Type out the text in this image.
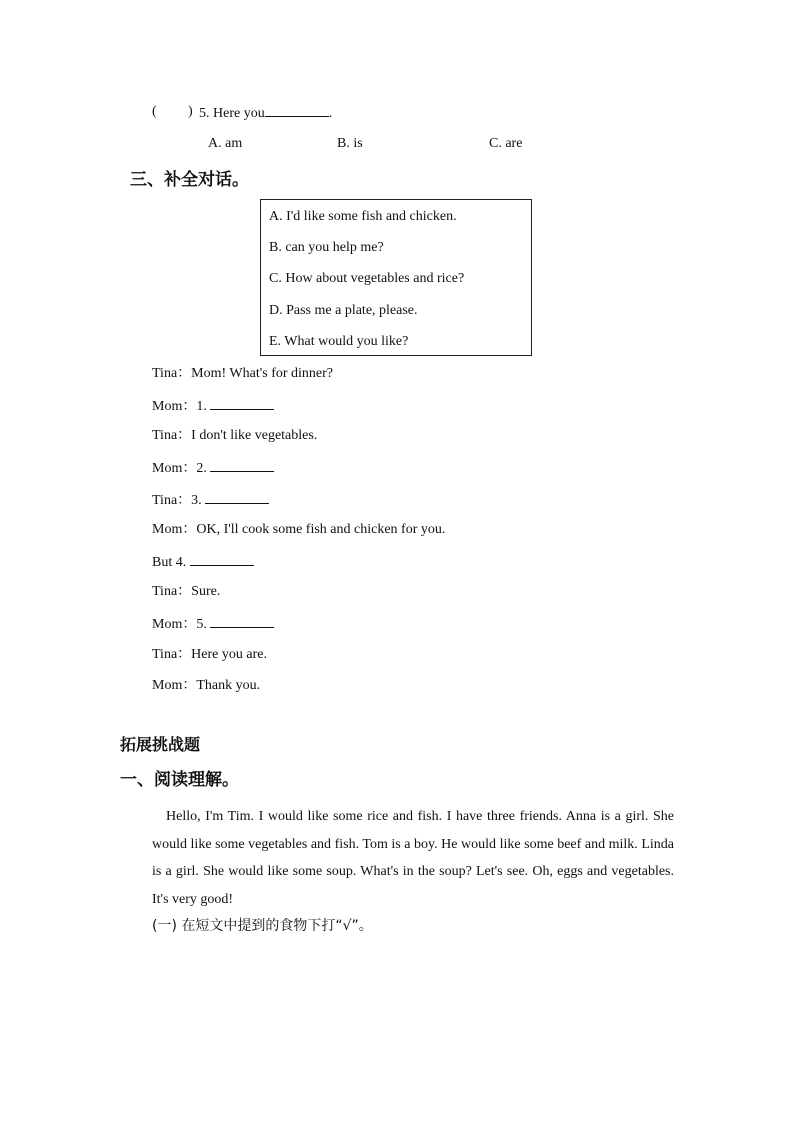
( ) 5. Here you	.
A. am	B. is	C. are
三、补全对话。
A. I'd like some fish and chicken.
B. can you help me?
C. How about vegetables and rice?
D. Pass me a plate, please.
E. What would you like?
Tina：Mom! What's for dinner?
Mom：1.
Tina：I don't like vegetables.
Mom：2.
Tina：3.
Mom：OK, I'll cook some fish and chicken for you.
But 4.
Tina：Sure.
Mom：5.
Tina：Here you are.
Mom：Thank you.
拓展挑战题
一、阅读理解。
Hello, I'm Tim. I would like some rice and fish. I have three friends. Anna is a girl. She would like some vegetables and fish. Tom is a boy. He would like some beef and milk. Linda is a girl. She would like some soup. What's in the soup? Let's see. Oh, eggs and vegetables. It's very good!
(一) 在短文中提到的食物下打“√”。
